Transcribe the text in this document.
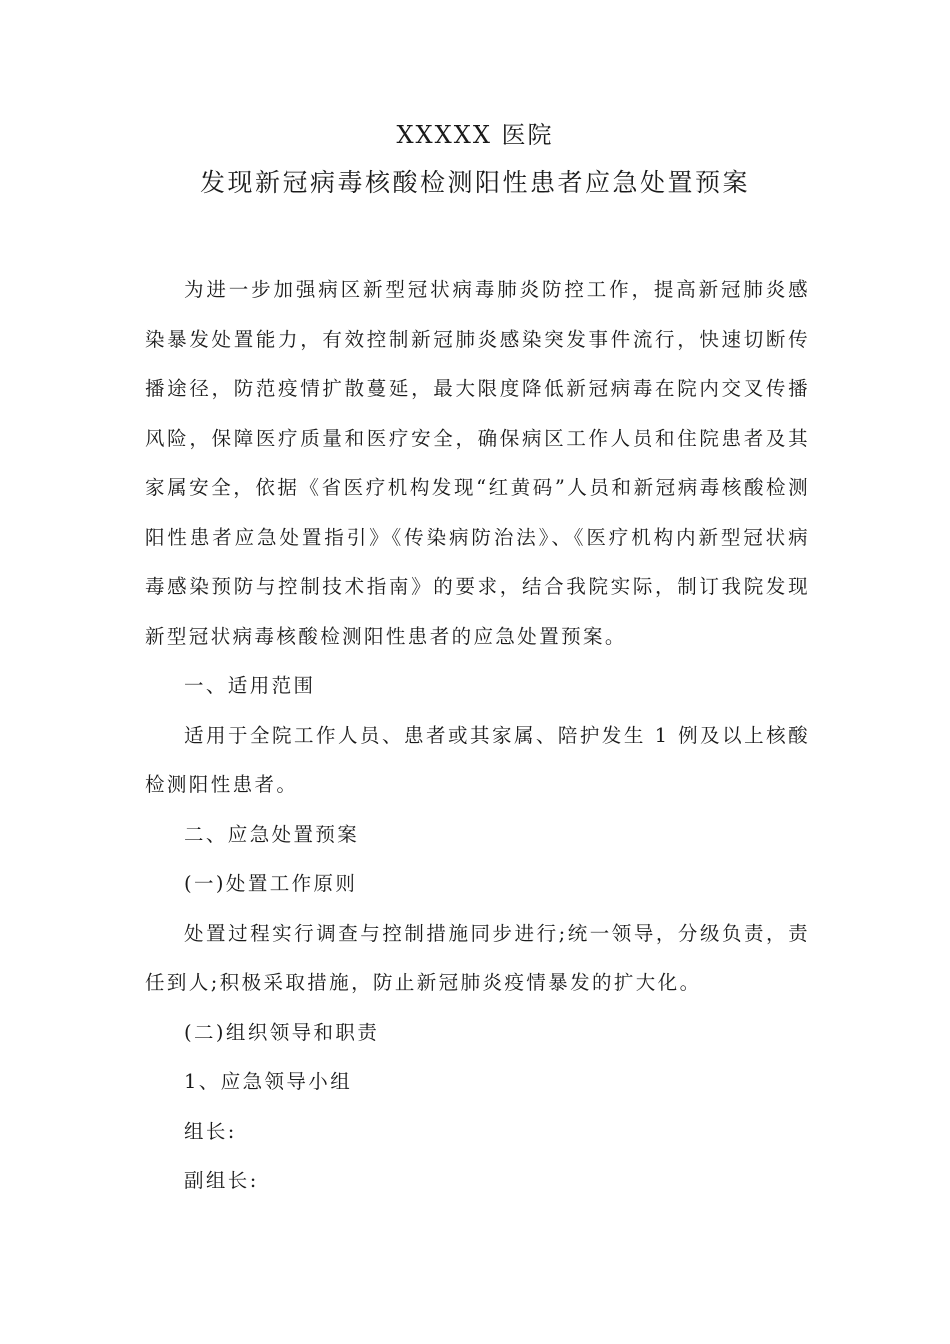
XXXXX 医院
发现新冠病毒核酸检测阳性患者应急处置预案

为进一步加强病区新型冠状病毒肺炎防控工作，提高新冠肺炎感染暴发处置能力，有效控制新冠肺炎感染突发事件流行，快速切断传播途径，防范疫情扩散蔓延，最大限度降低新冠病毒在院内交叉传播风险，保障医疗质量和医疗安全，确保病区工作人员和住院患者及其家属安全，依据《省医疗机构发现“红黄码”人员和新冠病毒核酸检测阳性患者应急处置指引》《传染病防治法》、《医疗机构内新型冠状病毒感染预防与控制技术指南》的要求，结合我院实际，制订我院发现新型冠状病毒核酸检测阳性患者的应急处置预案。

一、适用范围

适用于全院工作人员、患者或其家属、陪护发生 1 例及以上核酸检测阳性患者。

二、应急处置预案

(一)处置工作原则

处置过程实行调查与控制措施同步进行;统一领导，分级负责，责任到人;积极采取措施，防止新冠肺炎疫情暴发的扩大化。

(二)组织领导和职责

1、应急领导小组

组长:

副组长:
